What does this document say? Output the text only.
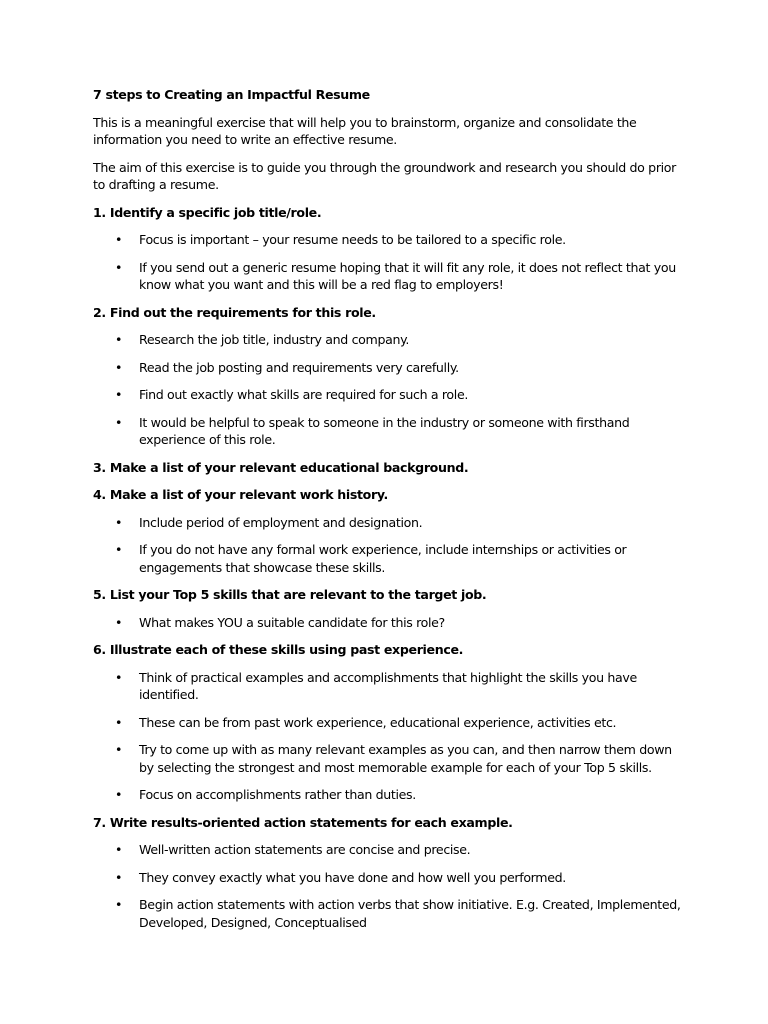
7 steps to Creating an Impactful Resume

This is a meaningful exercise that will help you to brainstorm, organize and consolidate the information you need to write an effective resume.

The aim of this exercise is to guide you through the groundwork and research you should do prior to drafting a resume.

1. Identify a specific job title/role.
• Focus is important – your resume needs to be tailored to a specific role.
• If you send out a generic resume hoping that it will fit any role, it does not reflect that you know what you want and this will be a red flag to employers!
2. Find out the requirements for this role.
• Research the job title, industry and company.
• Read the job posting and requirements very carefully.
• Find out exactly what skills are required for such a role.
• It would be helpful to speak to someone in the industry or someone with firsthand experience of this role.
3. Make a list of your relevant educational background.
4. Make a list of your relevant work history.
• Include period of employment and designation.
• If you do not have any formal work experience, include internships or activities or engagements that showcase these skills.
5. List your Top 5 skills that are relevant to the target job.
• What makes YOU a suitable candidate for this role?
6. Illustrate each of these skills using past experience.
• Think of practical examples and accomplishments that highlight the skills you have identified.
• These can be from past work experience, educational experience, activities etc.
• Try to come up with as many relevant examples as you can, and then narrow them down by selecting the strongest and most memorable example for each of your Top 5 skills.
• Focus on accomplishments rather than duties.
7. Write results-oriented action statements for each example.
• Well-written action statements are concise and precise.
• They convey exactly what you have done and how well you performed.
• Begin action statements with action verbs that show initiative. E.g. Created, Implemented, Developed, Designed, Conceptualised
